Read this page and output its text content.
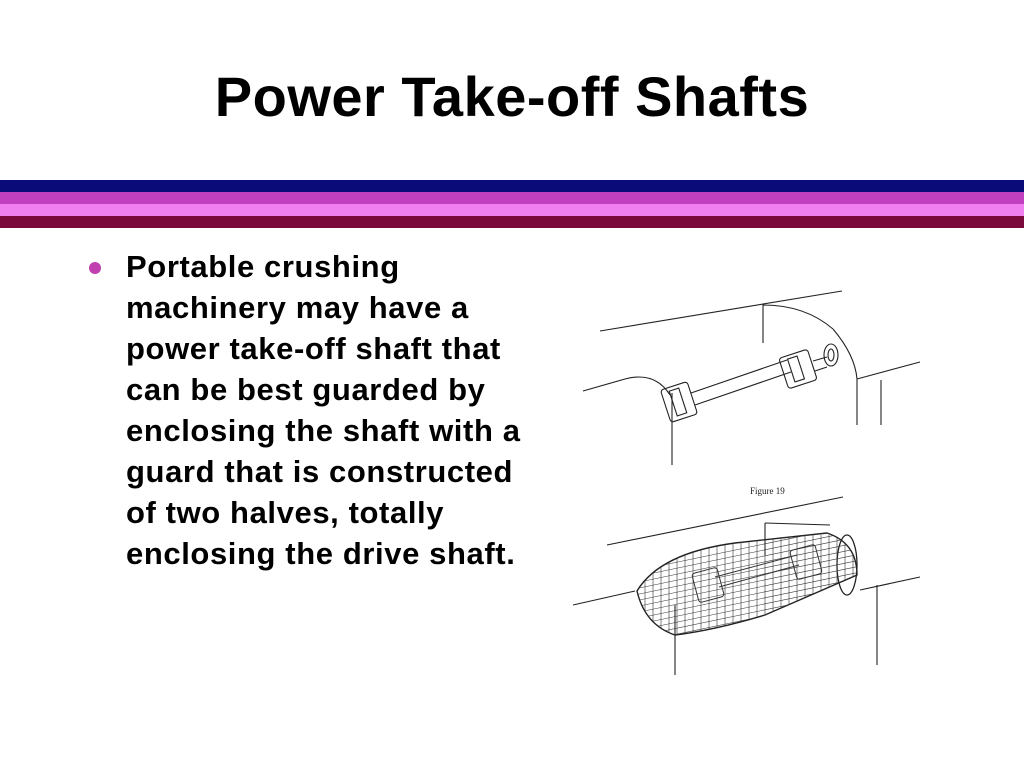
Power Take-off Shafts
Portable crushing machinery may have a power take-off shaft that can be best guarded by enclosing the shaft with a guard that is constructed of two halves, totally enclosing the drive shaft.
Figure 19
